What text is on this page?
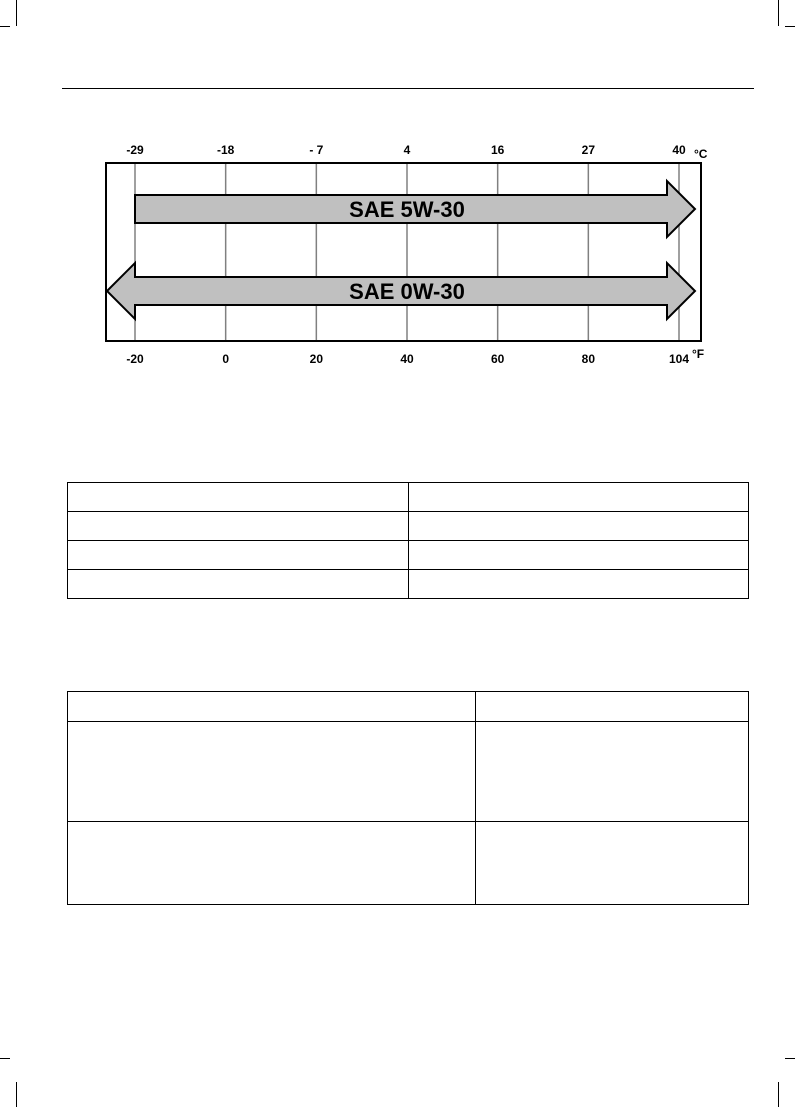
SAE 5W-30
SAE 0W-30
-29	-18	- 7	4	16	27	40 °C
-20	0	20	40	60	80	104 °F
